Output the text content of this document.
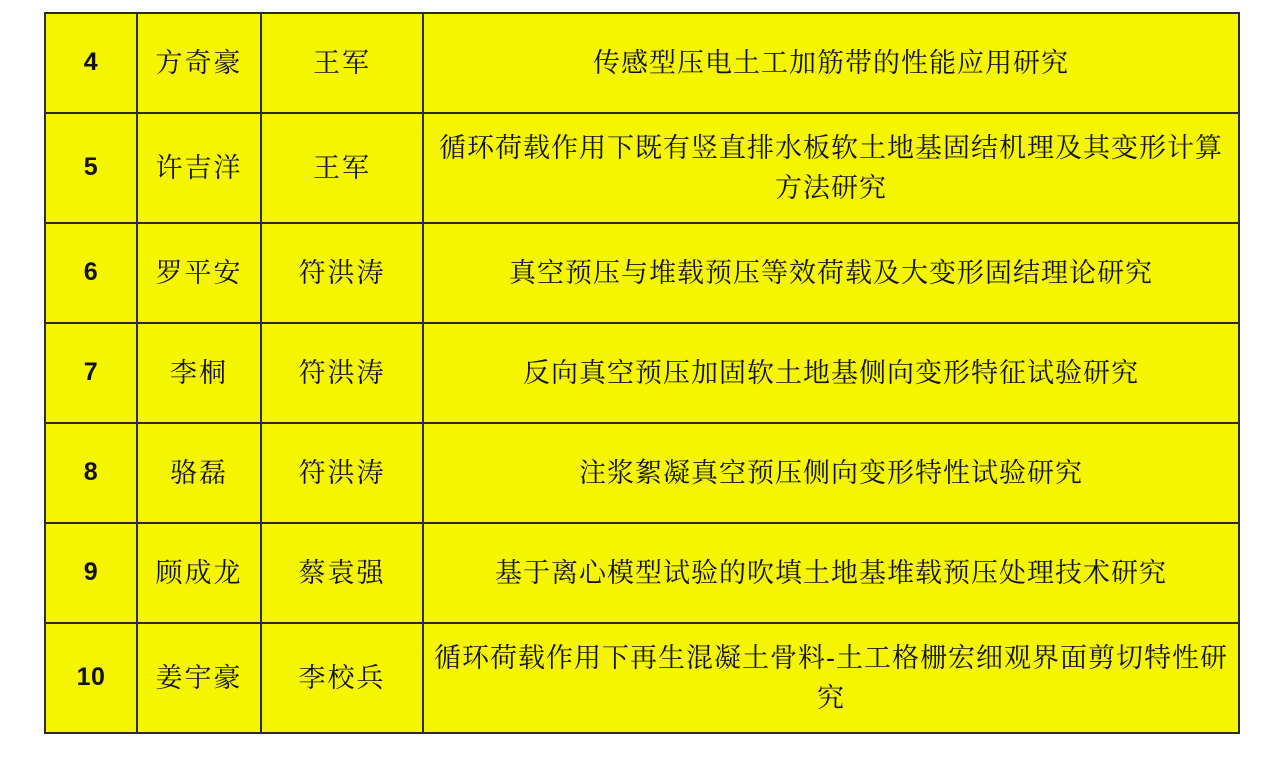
4	方奇豪	王军	传感型压电土工加筋带的性能应用研究
5	许吉洋	王军	循环荷载作用下既有竖直排水板软土地基固结机理及其变形计算方法研究
6	罗平安	符洪涛	真空预压与堆载预压等效荷载及大变形固结理论研究
7	李桐	符洪涛	反向真空预压加固软土地基侧向变形特征试验研究
8	骆磊	符洪涛	注浆絮凝真空预压侧向变形特性试验研究
9	顾成龙	蔡袁强	基于离心模型试验的吹填土地基堆载预压处理技术研究
10	姜宇豪	李校兵	循环荷载作用下再生混凝土骨料-土工格栅宏细观界面剪切特性研究
